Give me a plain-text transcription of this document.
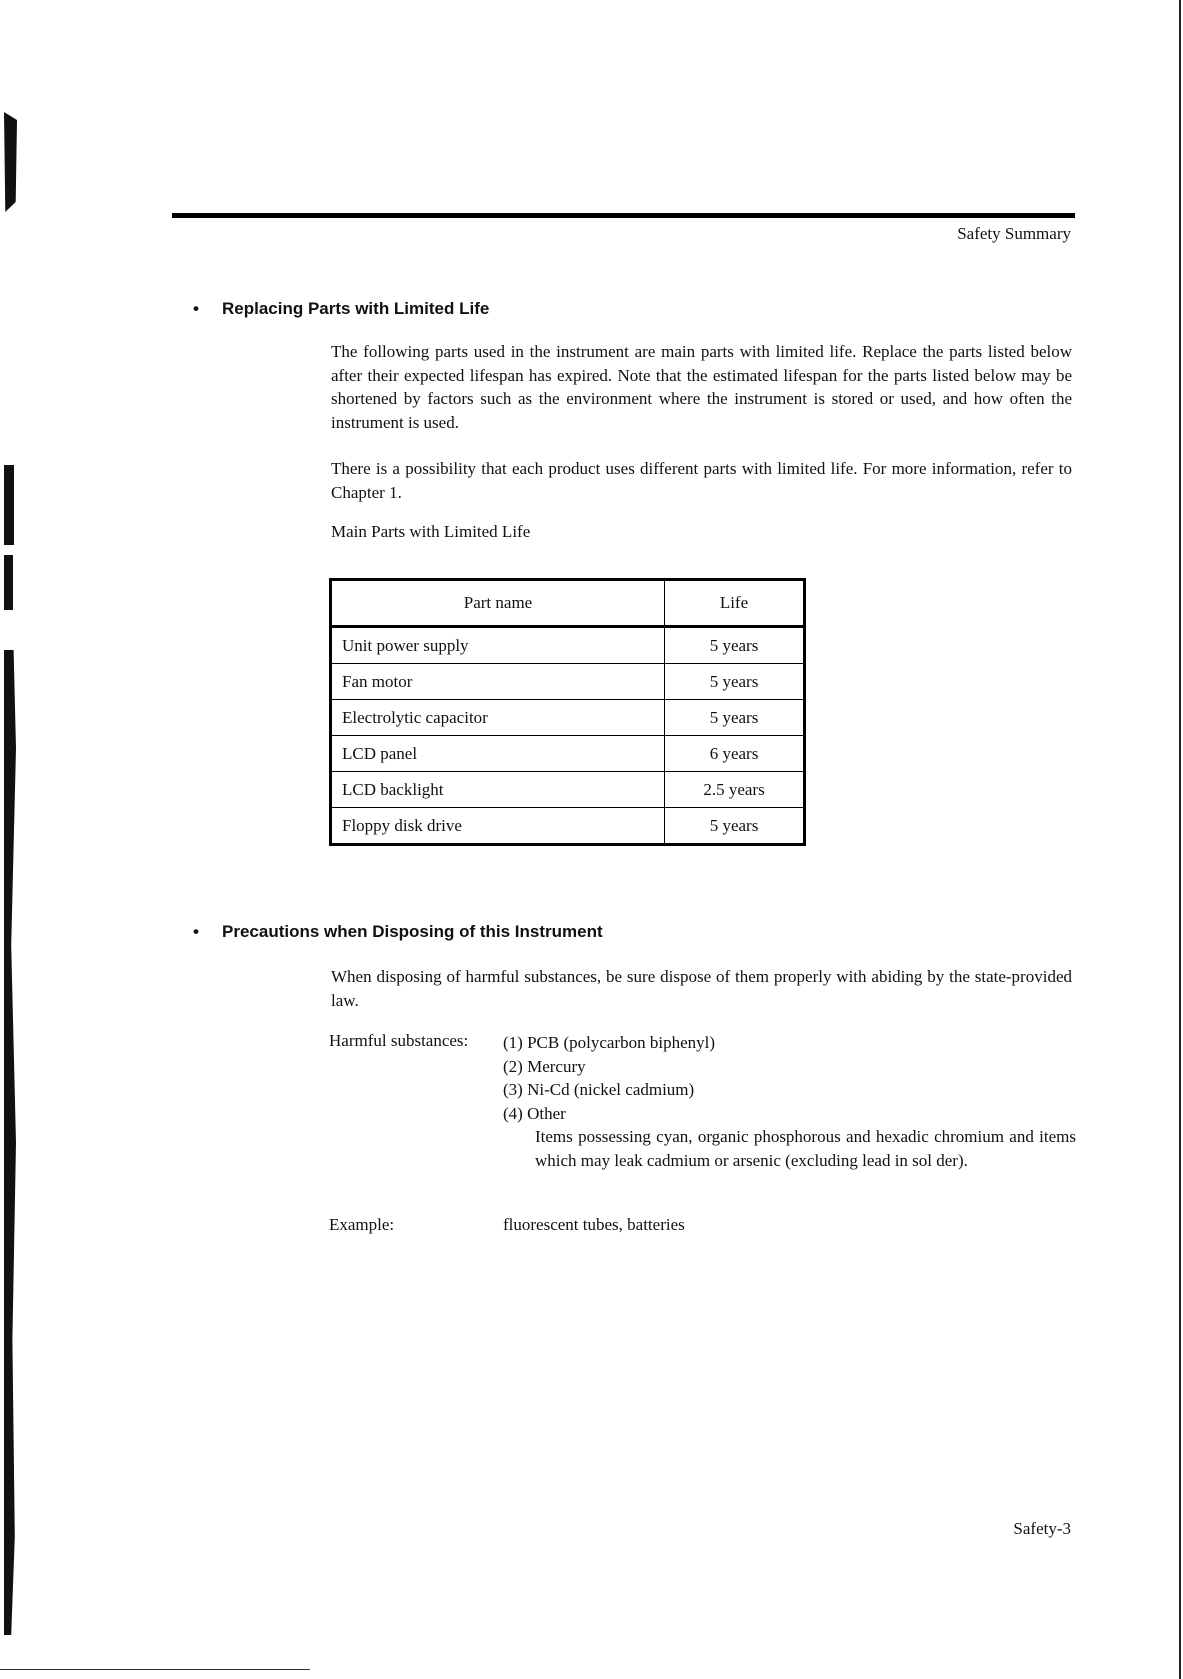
Safety Summary
• Replacing Parts with Limited Life

The following parts used in the instrument are main parts with limited life. Replace the parts listed below after their expected lifespan has expired. Note that the estimated lifespan for the parts listed below may be shortened by factors such as the environment where the instrument is stored or used, and how often the instrument is used.

There is a possibility that each product uses different parts with limited life. For more information, refer to Chapter 1.

Main Parts with Limited Life
Part name	Life
Unit power supply	5 years
Fan motor	5 years
Electrolytic capacitor	5 years
LCD panel	6 years
LCD backlight	2.5 years
Floppy disk drive	5 years
• Precautions when Disposing of this Instrument

When disposing of harmful substances, be sure dispose of them properly with abiding by the state-provided law.

Harmful substances: (1) PCB (polycarbon biphenyl)
(2) Mercury
(3) Ni-Cd (nickel cadmium)
(4) Other
Items possessing cyan, organic phosphorous and hexadic chromium and items which may leak cadmium or arsenic (excluding lead in sol der).
Example:	fluorescent tubes, batteries
Safety-3
